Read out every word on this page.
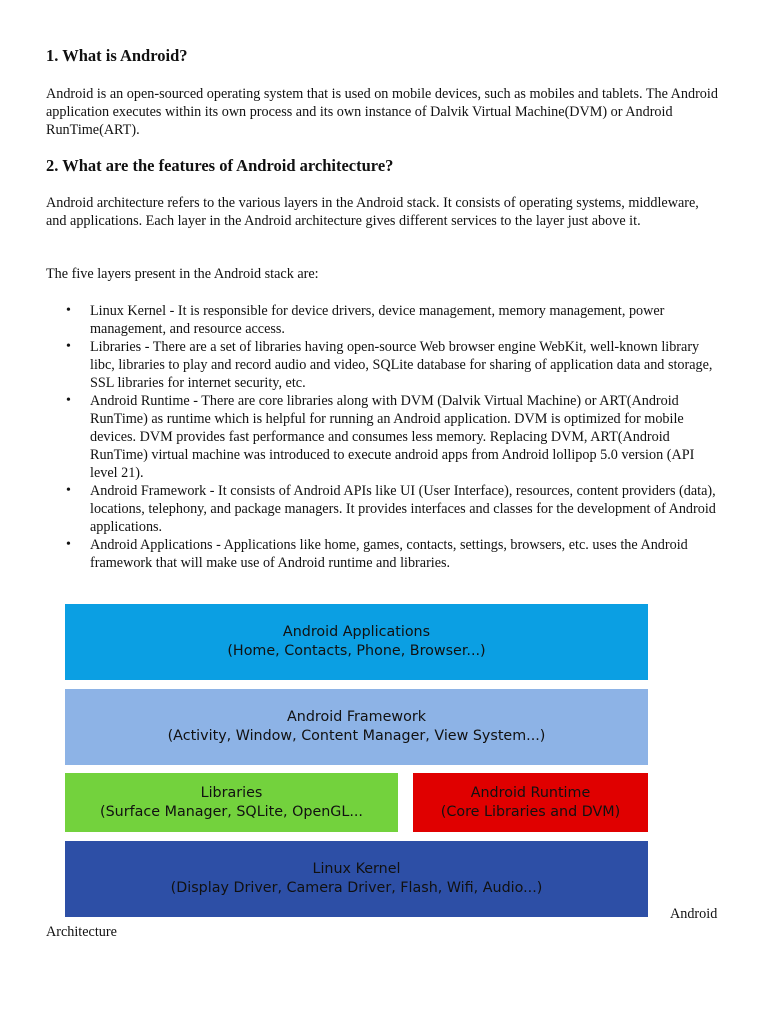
1. What is Android?

Android is an open-sourced operating system that is used on mobile devices, such as mobiles and tablets. The Android application executes within its own process and its own instance of Dalvik Virtual Machine(DVM) or Android RunTime(ART).

2. What are the features of Android architecture?

Android architecture refers to the various layers in the Android stack. It consists of operating systems, middleware, and applications. Each layer in the Android architecture gives different services to the layer just above it.

The five layers present in the Android stack are:

• Linux Kernel - It is responsible for device drivers, device management, memory management, power management, and resource access.
• Libraries - There are a set of libraries having open-source Web browser engine WebKit, well-known library libc, libraries to play and record audio and video, SQLite database for sharing of application data and storage, SSL libraries for internet security, etc.
• Android Runtime - There are core libraries along with DVM (Dalvik Virtual Machine) or ART(Android RunTime) as runtime which is helpful for running an Android application. DVM is optimized for mobile devices. DVM provides fast performance and consumes less memory. Replacing DVM, ART(Android RunTime) virtual machine was introduced to execute android apps from Android lollipop 5.0 version (API level 21).
• Android Framework - It consists of Android APIs like UI (User Interface), resources, content providers (data), locations, telephony, and package managers. It provides interfaces and classes for the development of Android applications.
• Android Applications - Applications like home, games, contacts, settings, browsers, etc. uses the Android framework that will make use of Android runtime and libraries.
Android Applications
(Home, Contacts, Phone, Browser...)
Android Framework
(Activity, Window, Content Manager, View System...)
Libraries
(Surface Manager, SQLite, OpenGL...
Android Runtime
(Core Libraries and DVM)
Linux Kernel
(Display Driver, Camera Driver, Flash, Wifi, Audio...)
Android
Architecture
